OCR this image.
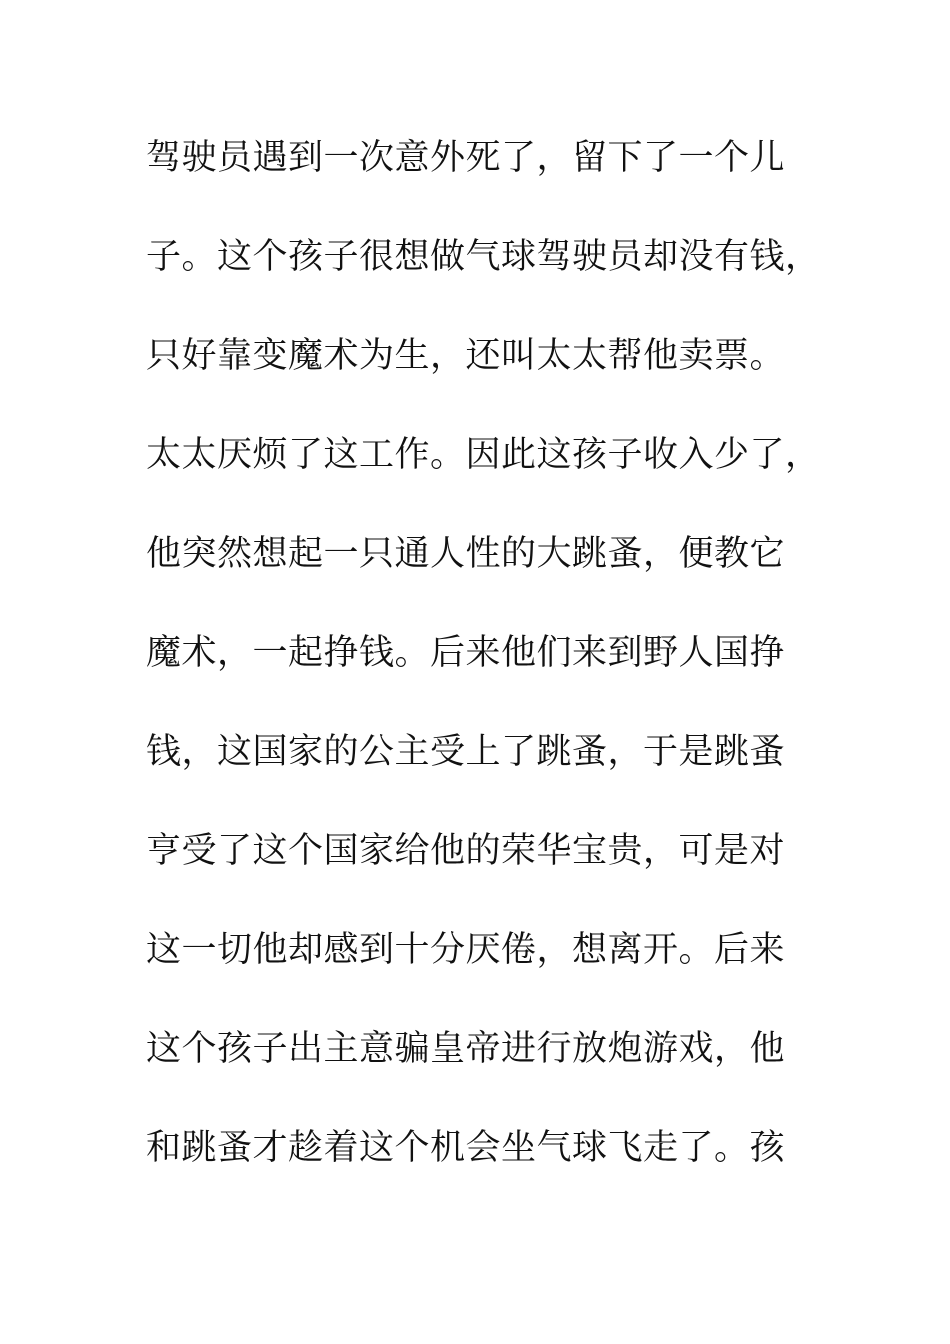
驾驶员遇到一次意外死了，留下了一个儿
子。这个孩子很想做气球驾驶员却没有钱，
只好靠变魔术为生，还叫太太帮他卖票。
太太厌烦了这工作。因此这孩子收入少了，
他突然想起一只通人性的大跳蚤，便教它
魔术，一起挣钱。后来他们来到野人国挣
钱，这国家的公主受上了跳蚤，于是跳蚤
亨受了这个国家给他的荣华宝贵，可是对
这一切他却感到十分厌倦，想离开。后来
这个孩子出主意骗皇帝进行放炮游戏，他
和跳蚤才趁着这个机会坐气球飞走了。孩
